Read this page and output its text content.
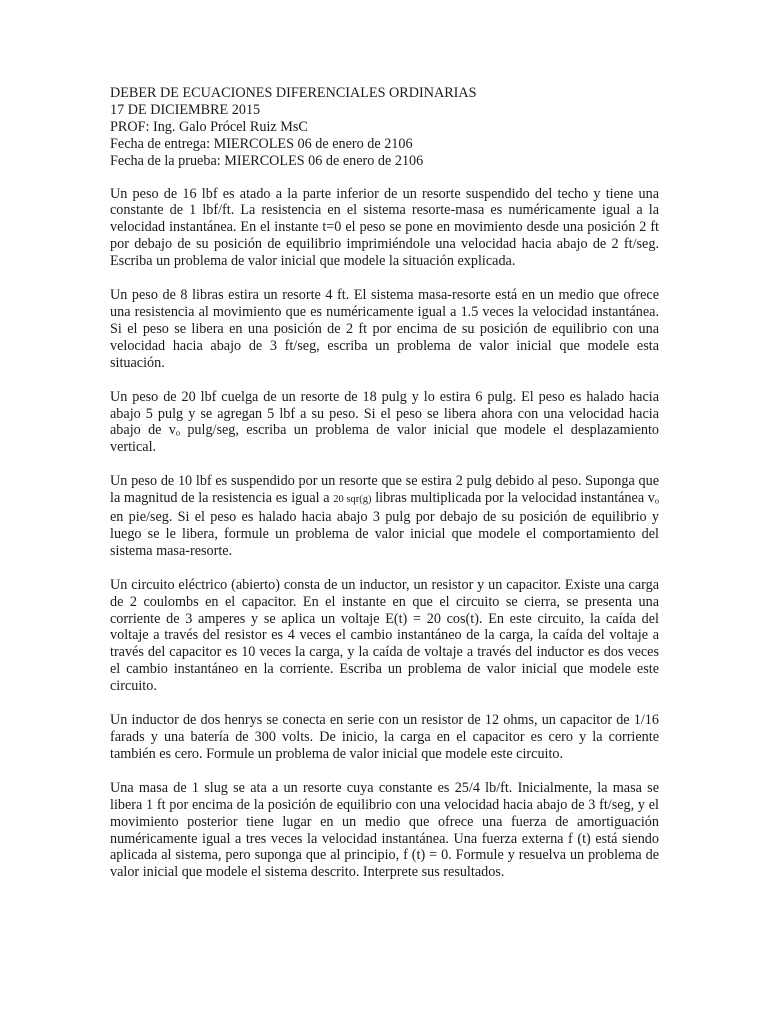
DEBER DE ECUACIONES DIFERENCIALES ORDINARIAS
17 DE DICIEMBRE 2015
PROF: Ing. Galo Prócel Ruiz MsC
Fecha de entrega: MIERCOLES 06 de enero de 2106
Fecha de la prueba: MIERCOLES 06 de enero de 2106

Un peso de 16 lbf es atado a la parte inferior de un resorte suspendido del techo y tiene una constante de 1 lbf/ft. La resistencia en el sistema resorte-masa es numéricamente igual a la velocidad instantánea. En el instante t=0 el peso se pone en movimiento desde una posición 2 ft por debajo de su posición de equilibrio imprimiéndole una velocidad hacia abajo de 2 ft/seg. Escriba un problema de valor inicial que modele la situación explicada.

Un peso de 8 libras estira un resorte 4 ft. El sistema masa-resorte está en un medio que ofrece una resistencia al movimiento que es numéricamente igual a 1.5 veces la velocidad instantánea. Si el peso se libera en una posición de 2 ft por encima de su posición de equilibrio con una velocidad hacia abajo de 3 ft/seg, escriba un problema de valor inicial que modele esta situación.

Un peso de 20 lbf cuelga de un resorte de 18 pulg y lo estira 6 pulg. El peso es halado hacia abajo 5 pulg y se agregan 5 lbf a su peso. Si el peso se libera ahora con una velocidad hacia abajo de vₒ pulg/seg, escriba un problema de valor inicial que modele el desplazamiento vertical.

Un peso de 10 lbf es suspendido por un resorte que se estira 2 pulg debido al peso. Suponga que la magnitud de la resistencia es igual a 20 sqr(g) libras multiplicada por la velocidad instantánea vₒ en pie/seg. Si el peso es halado hacia abajo 3 pulg por debajo de su posición de equilibrio y luego se le libera, formule un problema de valor inicial que modele el comportamiento del sistema masa-resorte.

Un circuito eléctrico (abierto) consta de un inductor, un resistor y un capacitor. Existe una carga de 2 coulombs en el capacitor. En el instante en que el circuito se cierra, se presenta una corriente de 3 amperes y se aplica un voltaje E(t) = 20 cos(t). En este circuito, la caída del voltaje a través del resistor es 4 veces el cambio instantáneo de la carga, la caída del voltaje a través del capacitor es 10 veces la carga, y la caída de voltaje a través del inductor es dos veces el cambio instantáneo en la corriente. Escriba un problema de valor inicial que modele este circuito.

Un inductor de dos henrys se conecta en serie con un resistor de 12 ohms, un capacitor de 1/16 farads y una batería de 300 volts. De inicio, la carga en el capacitor es cero y la corriente también es cero. Formule un problema de valor inicial que modele este circuito.

Una masa de 1 slug se ata a un resorte cuya constante es 25/4 lb/ft. Inicialmente, la masa se libera 1 ft por encima de la posición de equilibrio con una velocidad hacia abajo de 3 ft/seg, y el movimiento posterior tiene lugar en un medio que ofrece una fuerza de amortiguación numéricamente igual a tres veces la velocidad instantánea. Una fuerza externa f (t) está siendo aplicada al sistema, pero suponga que al principio, f (t) = 0. Formule y resuelva un problema de valor inicial que modele el sistema descrito. Interprete sus resultados.
